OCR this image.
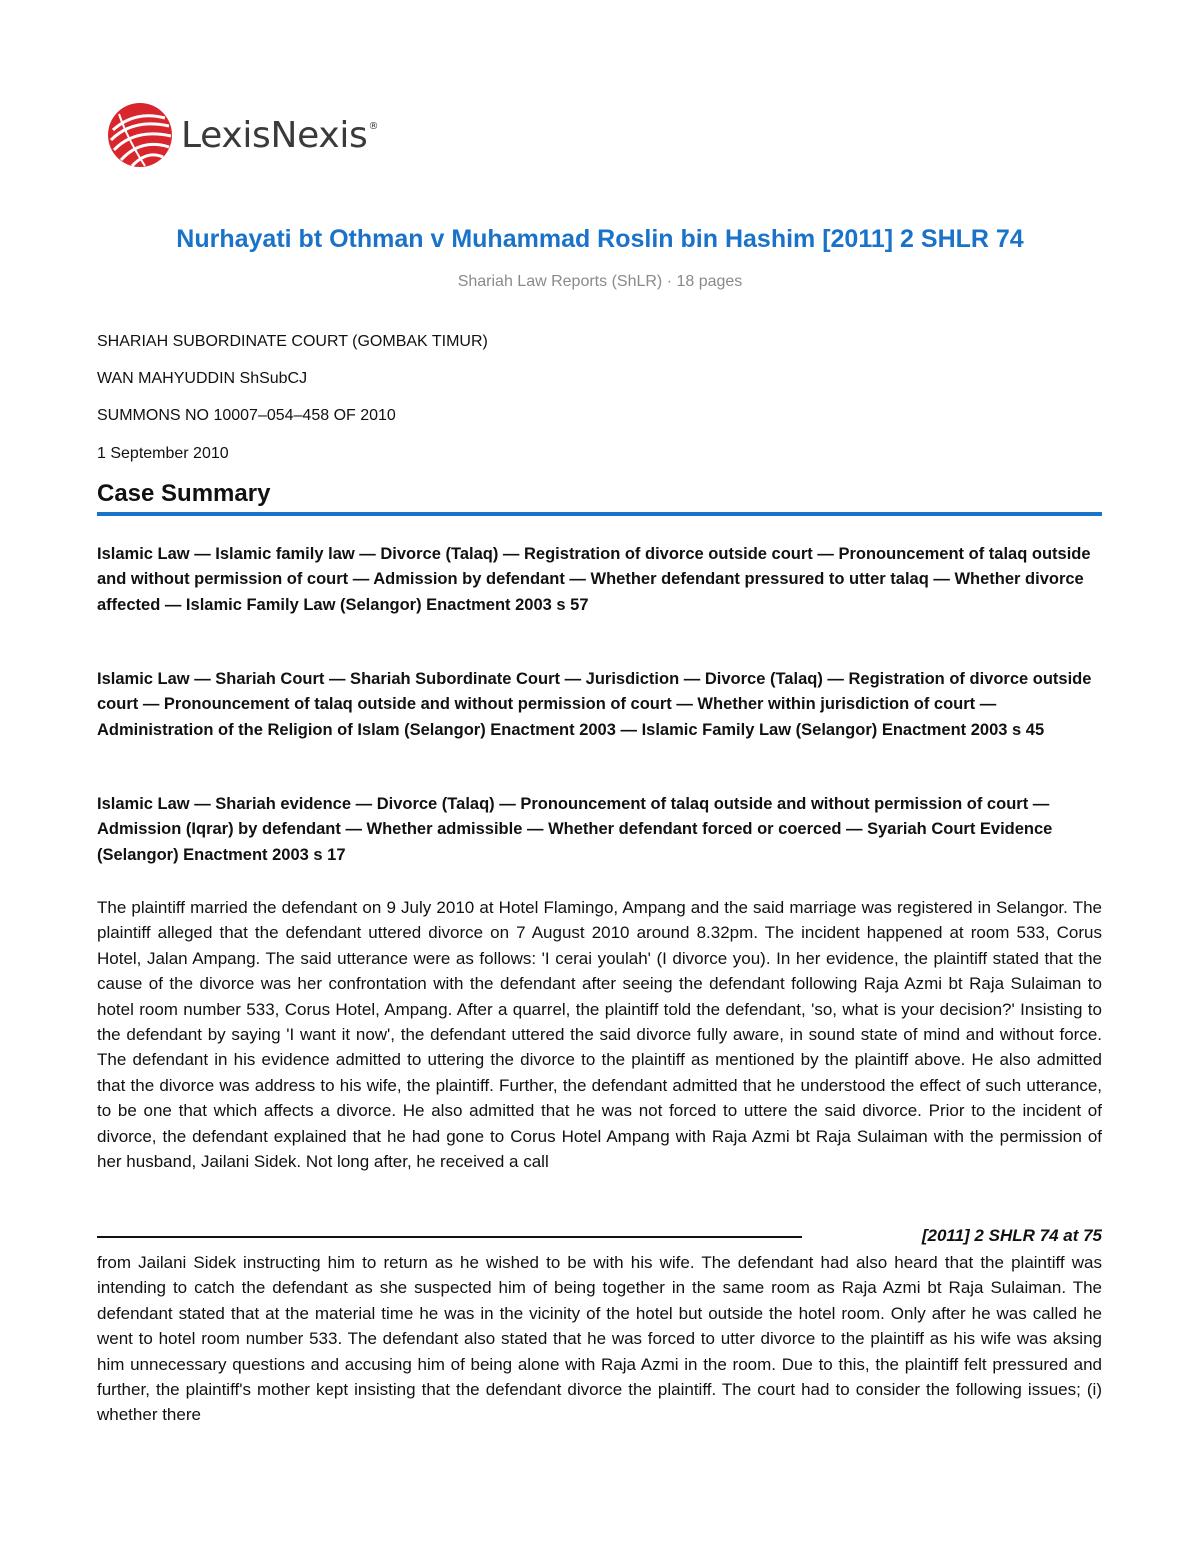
LexisNexis®
Nurhayati bt Othman v Muhammad Roslin bin Hashim [2011] 2 SHLR 74
Shariah Law Reports (ShLR) · 18 pages
SHARIAH SUBORDINATE COURT (GOMBAK TIMUR)
WAN MAHYUDDIN ShSubCJ
SUMMONS NO 10007–054–458 OF 2010
1 September 2010
Case Summary

Islamic Law — Islamic family law — Divorce (Talaq) — Registration of divorce outside court — Pronouncement of talaq outside and without permission of court — Admission by defendant — Whether defendant pressured to utter talaq — Whether divorce affected — Islamic Family Law (Selangor) Enactment 2003 s 57

Islamic Law — Shariah Court — Shariah Subordinate Court — Jurisdiction — Divorce (Talaq) — Registration of divorce outside court — Pronouncement of talaq outside and without permission of court — Whether within jurisdiction of court — Administration of the Religion of Islam (Selangor) Enactment 2003 — Islamic Family Law (Selangor) Enactment 2003 s 45

Islamic Law — Shariah evidence — Divorce (Talaq) — Pronouncement of talaq outside and without permission of court — Admission (Iqrar) by defendant — Whether admissible — Whether defendant forced or coerced — Syariah Court Evidence (Selangor) Enactment 2003 s 17

The plaintiff married the defendant on 9 July 2010 at Hotel Flamingo, Ampang and the said marriage was registered in Selangor. The plaintiff alleged that the defendant uttered divorce on 7 August 2010 around 8.32pm. The incident happened at room 533, Corus Hotel, Jalan Ampang. The said utterance were as follows: 'I cerai youlah' (I divorce you). In her evidence, the plaintiff stated that the cause of the divorce was her confrontation with the defendant after seeing the defendant following Raja Azmi bt Raja Sulaiman to hotel room number 533, Corus Hotel, Ampang. After a quarrel, the plaintiff told the defendant, 'so, what is your decision?' Insisting to the defendant by saying 'I want it now', the defendant uttered the said divorce fully aware, in sound state of mind and without force. The defendant in his evidence admitted to uttering the divorce to the plaintiff as mentioned by the plaintiff above. He also admitted that the divorce was address to his wife, the plaintiff. Further, the defendant admitted that he understood the effect of such utterance, to be one that which affects a divorce. He also admitted that he was not forced to uttere the said divorce. Prior to the incident of divorce, the defendant explained that he had gone to Corus Hotel Ampang with Raja Azmi bt Raja Sulaiman with the permission of her husband, Jailani Sidek. Not long after, he received a call

[2011] 2 SHLR 74 at 75

from Jailani Sidek instructing him to return as he wished to be with his wife. The defendant had also heard that the plaintiff was intending to catch the defendant as she suspected him of being together in the same room as Raja Azmi bt Raja Sulaiman. The defendant stated that at the material time he was in the vicinity of the hotel but outside the hotel room. Only after he was called he went to hotel room number 533. The defendant also stated that he was forced to utter divorce to the plaintiff as his wife was aksing him unnecessary questions and accusing him of being alone with Raja Azmi in the room. Due to this, the plaintiff felt pressured and further, the plaintiff's mother kept insisting that the defendant divorce the plaintiff. The court had to consider the following issues; (i) whether there
